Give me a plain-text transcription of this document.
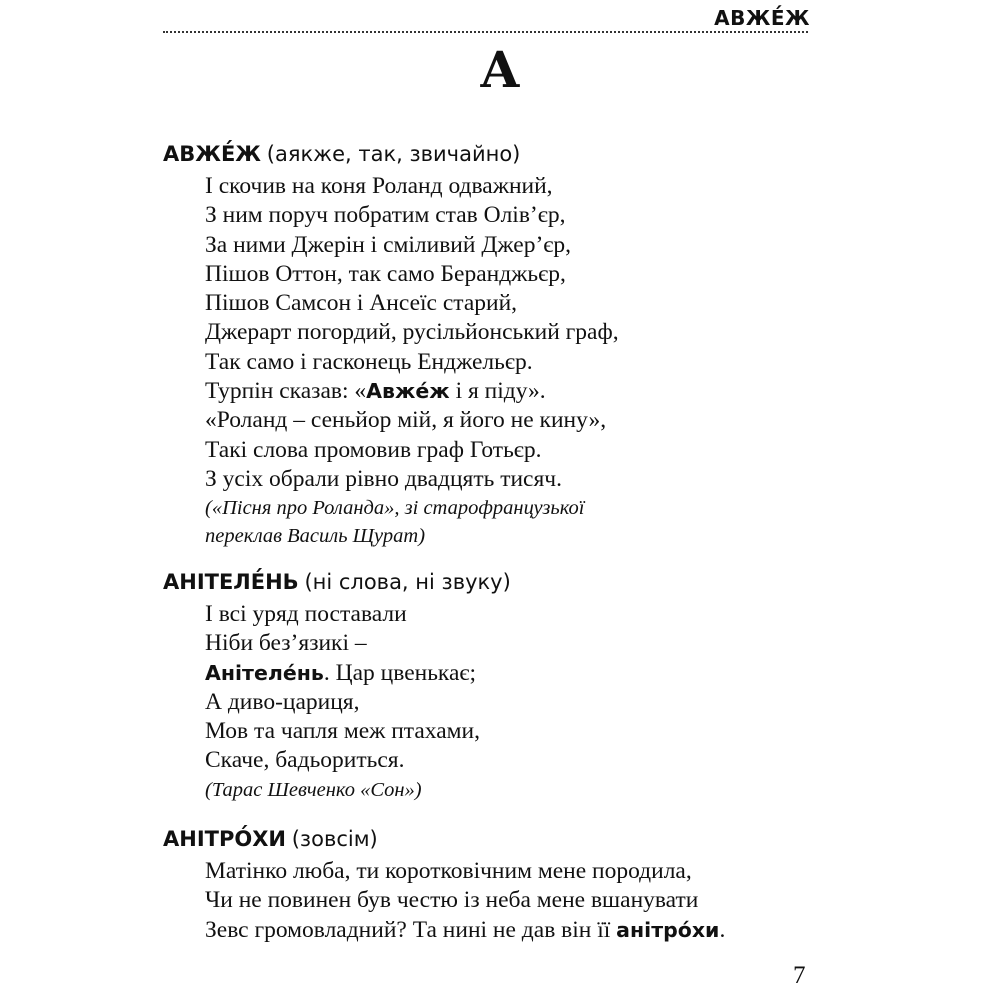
АВЖЕ́Ж
А
АВЖЕ́Ж (аякже, так, звичайно)
І скочив на коня Роланд одважний,
З ним поруч побратим став Олів’єр,
За ними Джерін і сміливий Джер’єр,
Пішов Оттон, так само Беранджьєр,
Пішов Самсон і Ансеїс старий,
Джерарт погордий, русільйонський граф,
Так само і гасконець Енджельєр.
Турпін сказав: «Авже́ж і я піду».
«Роланд – сеньйор мій, я його не кину»,
Такі слова промовив граф Готьєр.
З усіх обрали рівно двадцять тисяч.
(«Пісня про Роланда», зі старофранцузької
переклав Василь Щурат)
АНІТЕЛЕ́НЬ (ні слова, ні звуку)
І всі уряд поставали
Ніби без’язикі –
Анітеле́нь. Цар цвенькає;
А диво-цариця,
Мов та чапля меж птахами,
Скаче, бадьориться.
(Тарас Шевченко «Сон»)
АНІТРО́ХИ (зовсім)
Матінко люба, ти коротковічним мене породила,
Чи не повинен був честю із неба мене вшанувати
Зевс громовладний? Та нині не дав він її анітро́хи.
7
